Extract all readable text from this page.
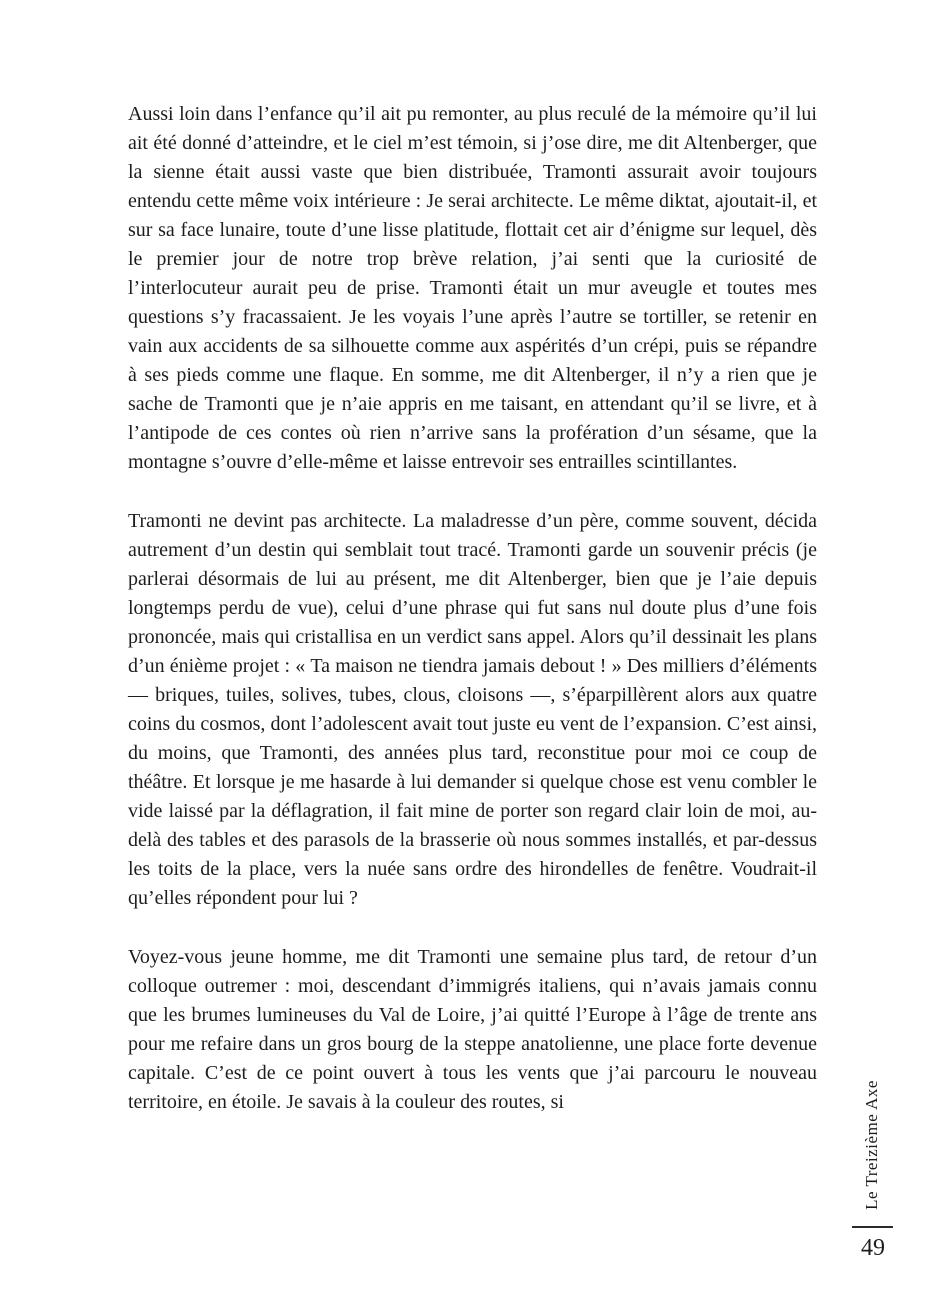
Aussi loin dans l’enfance qu’il ait pu remonter, au plus reculé de la mémoire qu’il lui ait été donné d’atteindre, et le ciel m’est témoin, si j’ose dire, me dit Altenberger, que la sienne était aussi vaste que bien distribuée, Tramonti assurait avoir toujours entendu cette même voix intérieure : Je serai architecte. Le même diktat, ajoutait-il, et sur sa face lunaire, toute d’une lisse platitude, flottait cet air d’énigme sur lequel, dès le premier jour de notre trop brève relation, j’ai senti que la curiosité de l’interlocuteur aurait peu de prise. Tramonti était un mur aveugle et toutes mes questions s’y fracassaient. Je les voyais l’une après l’autre se tortiller, se retenir en vain aux accidents de sa silhouette comme aux aspérités d’un crépi, puis se répandre à ses pieds comme une flaque. En somme, me dit Altenberger, il n’y a rien que je sache de Tramonti que je n’aie appris en me taisant, en attendant qu’il se livre, et à l’antipode de ces contes où rien n’arrive sans la profération d’un sésame, que la montagne s’ouvre d’elle-même et laisse entrevoir ses entrailles scintillantes.

Tramonti ne devint pas architecte. La maladresse d’un père, comme souvent, décida autrement d’un destin qui semblait tout tracé. Tramonti garde un souvenir précis (je parlerai désormais de lui au présent, me dit Altenberger, bien que je l’aie depuis longtemps perdu de vue), celui d’une phrase qui fut sans nul doute plus d’une fois prononcée, mais qui cristallisa en un verdict sans appel. Alors qu’il dessinait les plans d’un énième projet : « Ta maison ne tiendra jamais debout ! » Des milliers d’éléments — briques, tuiles, solives, tubes, clous, cloisons —, s’éparpillèrent alors aux quatre coins du cosmos, dont l’adolescent avait tout juste eu vent de l’expansion. C’est ainsi, du moins, que Tramonti, des années plus tard, reconstitue pour moi ce coup de théâtre. Et lorsque je me hasarde à lui demander si quelque chose est venu combler le vide laissé par la déflagration, il fait mine de porter son regard clair loin de moi, au-delà des tables et des parasols de la brasserie où nous sommes installés, et par-dessus les toits de la place, vers la nuée sans ordre des hirondelles de fenêtre. Voudrait-il qu’elles répondent pour lui ?

Voyez-vous jeune homme, me dit Tramonti une semaine plus tard, de retour d’un colloque outremer : moi, descendant d’immigrés italiens, qui n’avais jamais connu que les brumes lumineuses du Val de Loire, j’ai quitté l’Europe à l’âge de trente ans pour me refaire dans un gros bourg de la steppe anatolienne, une place forte devenue capitale. C’est de ce point ouvert à tous les vents que j’ai parcouru le nouveau territoire, en étoile. Je savais à la couleur des routes, si	Le Treizième Axe
49
